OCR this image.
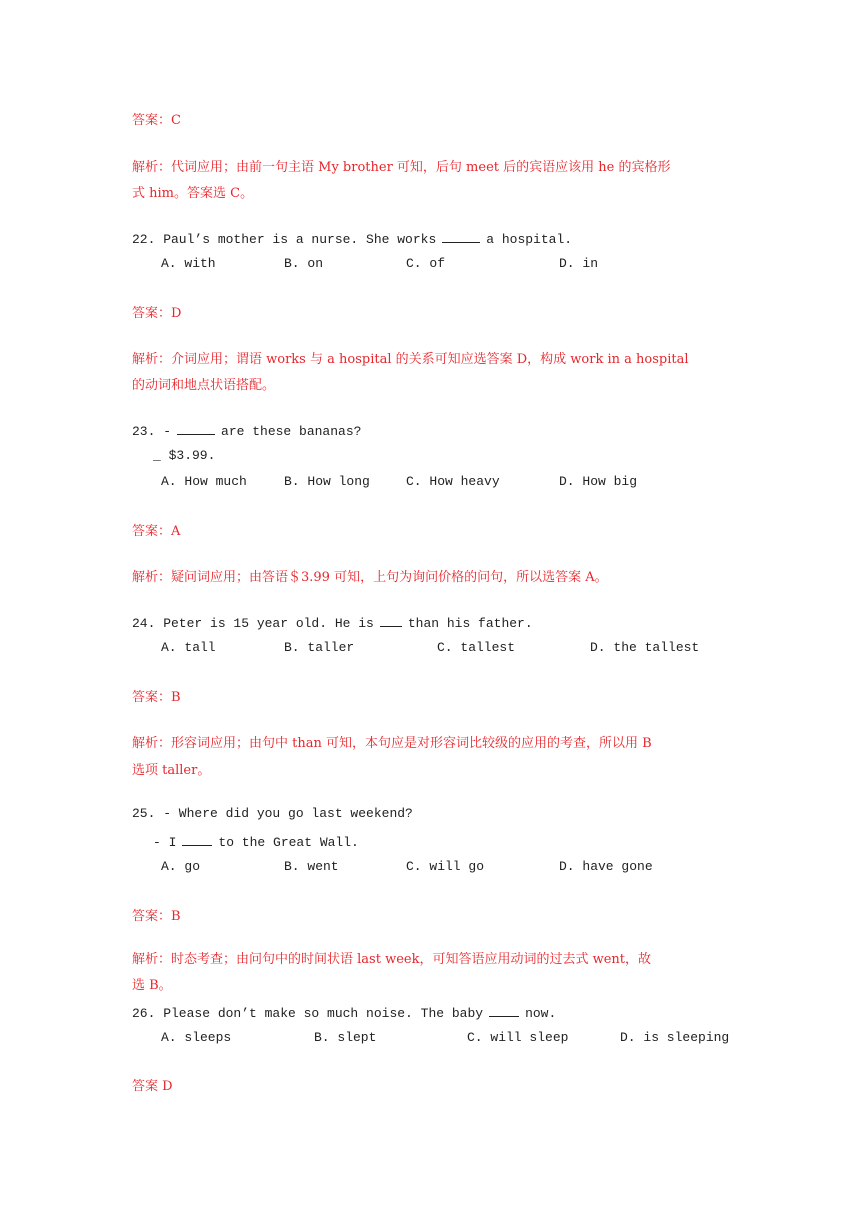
答案：C
解析：代词应用；由前一句主语 My brother 可知，后句 meet 后的宾语应该用 he 的宾格形
式 him。答案选 C。
22. Paul’s mother is a nurse. She works	a hospital.
A. with	B. on	C. of	D. in
答案：D
解析：介词应用；谓语 works 与 a hospital 的关系可知应选答案 D，构成 work in a hospital
的动词和地点状语搭配。
23. -	are these bananas?
_ $3.99.
A. How much	B. How long	C. How heavy	D. How big
答案：A
解析：疑问词应用；由答语＄3.99 可知，上句为询问价格的问句，所以选答案 A。
24. Peter is 15 year old. He is	than his father.
A. tall	B. taller	C. tallest	D. the tallest
答案：B
解析：形容词应用；由句中 than 可知，本句应是对形容词比较级的应用的考查，所以用 B
选项 taller。
25. - Where did you go last weekend?
- I	to the Great Wall.
A. go	B. went	C. will go	D. have gone
答案：B
解析：时态考查；由问句中的时间状语 last week，可知答语应用动词的过去式 went，故
选 B。
26. Please don’t make so much noise. The baby	now.
A. sleeps	B. slept	C. will sleep	D. is sleeping
答案 D
